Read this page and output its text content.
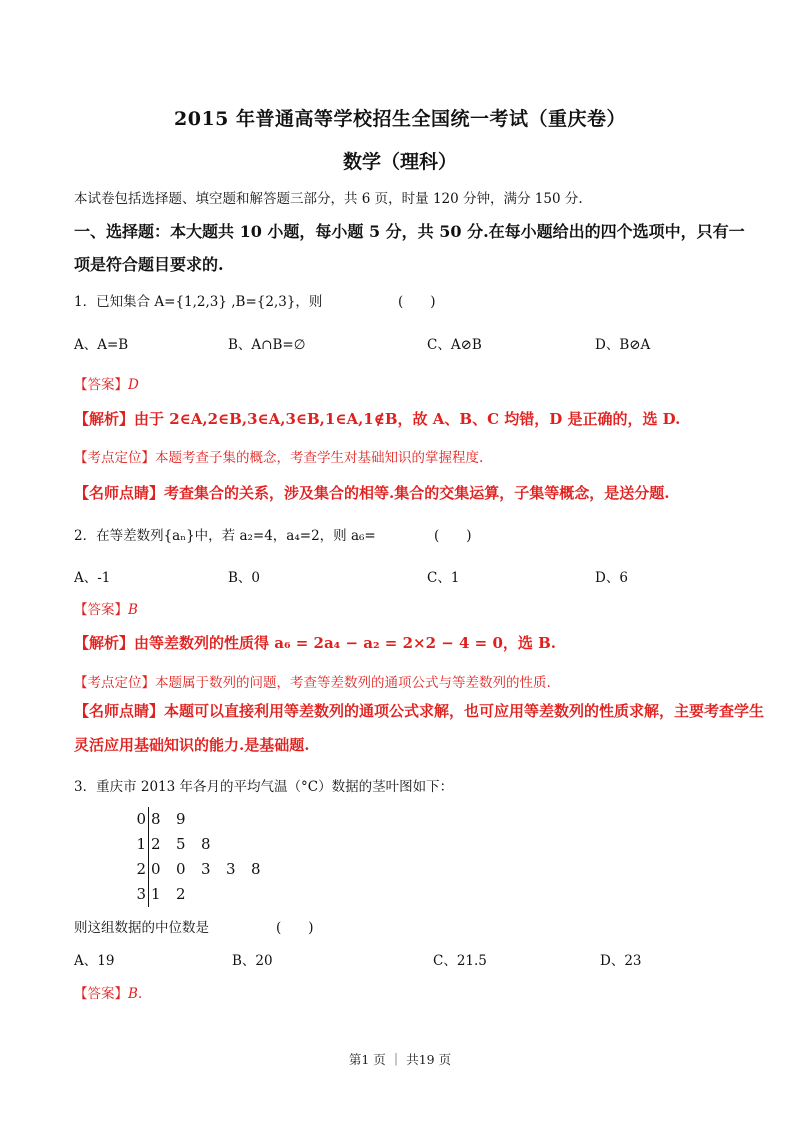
2015 年普通高等学校招生全国统一考试（重庆卷）
数学（理科）
本试卷包括选择题、填空题和解答题三部分，共 6 页，时量 120 分钟，满分 150 分.
一、选择题：本大题共 10 小题，每小题 5 分，共 50 分.在每小题给出的四个选项中，只有一
项是符合题目要求的.
1．已知集合 A={1,2,3} ,B={2,3}，则	(　　)
A、A=B	B、A∩B=∅	C、A⊘B	D、B⊘A
【答案】D
【解析】由于 2∈A,2∈B,3∈A,3∈B,1∈A,1∉B，故 A、B、C 均错，D 是正确的，选 D.
【考点定位】本题考查子集的概念，考查学生对基础知识的掌握程度.
【名师点睛】考查集合的关系，涉及集合的相等.集合的交集运算，子集等概念，是送分题.
2．在等差数列{aₙ}中，若 a₂=4，a₄=2，则 a₆=	(　　)
A、-1	B、0	C、1	D、6
【答案】B
【解析】由等差数列的性质得 a₆ = 2a₄ − a₂ = 2×2 − 4 = 0，选 B.
【考点定位】本题属于数列的问题，考查等差数列的通项公式与等差数列的性质.
【名师点睛】本题可以直接利用等差数列的通项公式求解，也可应用等差数列的性质求解，主要考查学生
灵活应用基础知识的能力.是基础题.
3．重庆市 2013 年各月的平均气温（°C）数据的茎叶图如下：
0 8 9
1 2 5 8
2 0 0 3 3 8
3 1 2
则这组数据的中位数是	(　　)
A、19	B、20	C、21.5	D、23
【答案】B.
第1 页 ｜ 共19 页
